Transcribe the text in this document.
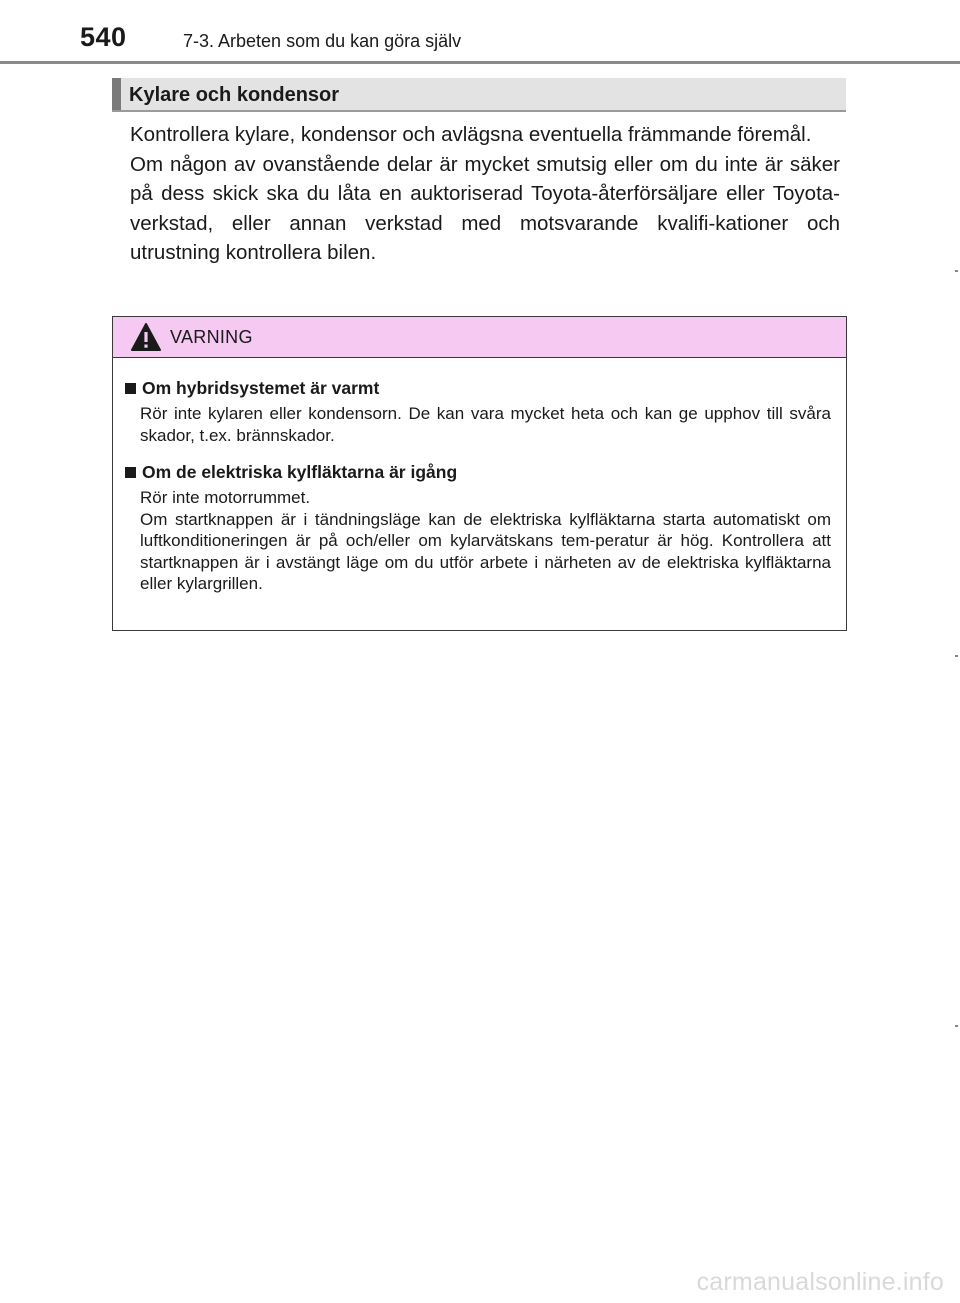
540	7-3. Arbeten som du kan göra själv
Kylare och kondensor

Kontrollera kylare, kondensor och avlägsna eventuella främmande föremål.

Om någon av ovanstående delar är mycket smutsig eller om du inte är säker på dess skick ska du låta en auktoriserad Toyota-återförsäljare eller Toyota-verkstad, eller annan verkstad med motsvarande kvalifi-kationer och utrustning kontrollera bilen.

VARNING
Om hybridsystemet är varmt

Rör inte kylaren eller kondensorn. De kan vara mycket heta och kan ge upphov till svåra skador, t.ex. brännskador.

Om de elektriska kylfläktarna är igång

Rör inte motorrummet.

Om startknappen är i tändningsläge kan de elektriska kylfläktarna starta automatiskt om luftkonditioneringen är på och/eller om kylarvätskans tem-peratur är hög. Kontrollera att startknappen är i avstängt läge om du utför arbete i närheten av de elektriska kylfläktarna eller kylargrillen.

carmanualsonline.info
